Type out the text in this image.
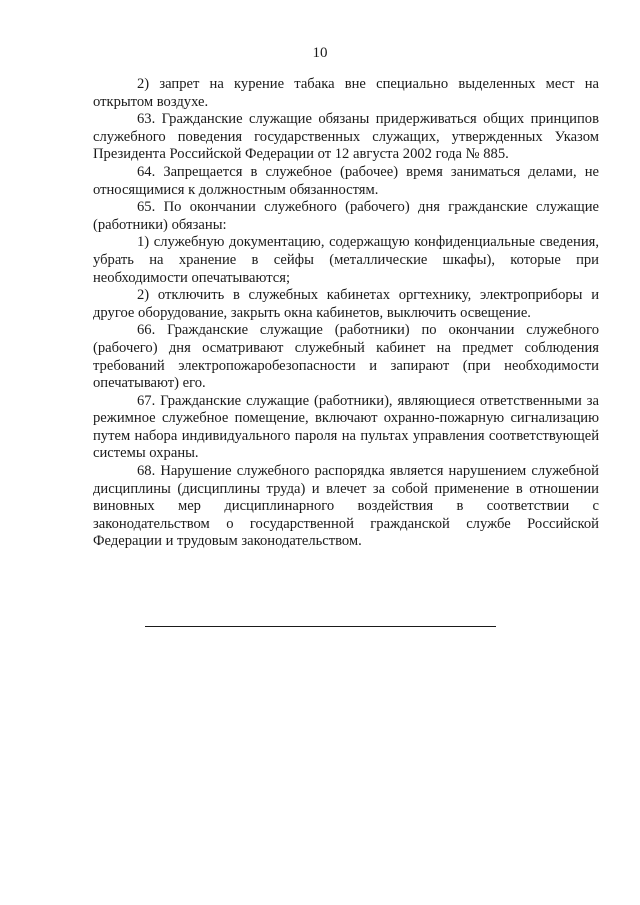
10

2) запрет на курение табака вне специально выделенных мест на открытом воздухе.

63. Гражданские служащие обязаны придерживаться общих принципов служебного поведения государственных служащих, утвержденных Указом Президента Российской Федерации от 12 августа 2002 года № 885.

64. Запрещается в служебное (рабочее) время заниматься делами, не относящимися к должностным обязанностям.

65. По окончании служебного (рабочего) дня гражданские служащие (работники) обязаны:

1) служебную документацию, содержащую конфиденциальные сведения, убрать на хранение в сейфы (металлические шкафы), которые при необходимости опечатываются;

2) отключить в служебных кабинетах оргтехнику, электроприборы и другое оборудование, закрыть окна кабинетов, выключить освещение.

66. Гражданские служащие (работники) по окончании служебного (рабочего) дня осматривают служебный кабинет на предмет соблюдения требований электропожаробезопасности и запирают (при необходимости опечатывают) его.

67. Гражданские служащие (работники), являющиеся ответственными за режимное служебное помещение, включают охранно-пожарную сигнализацию путем набора индивидуального пароля на пультах управления соответствующей системы охраны.

68. Нарушение служебного распорядка является нарушением служебной дисциплины (дисциплины труда) и влечет за собой применение в отношении виновных мер дисциплинарного воздействия в соответствии с законодательством о государственной гражданской службе Российской Федерации и трудовым законодательством.
